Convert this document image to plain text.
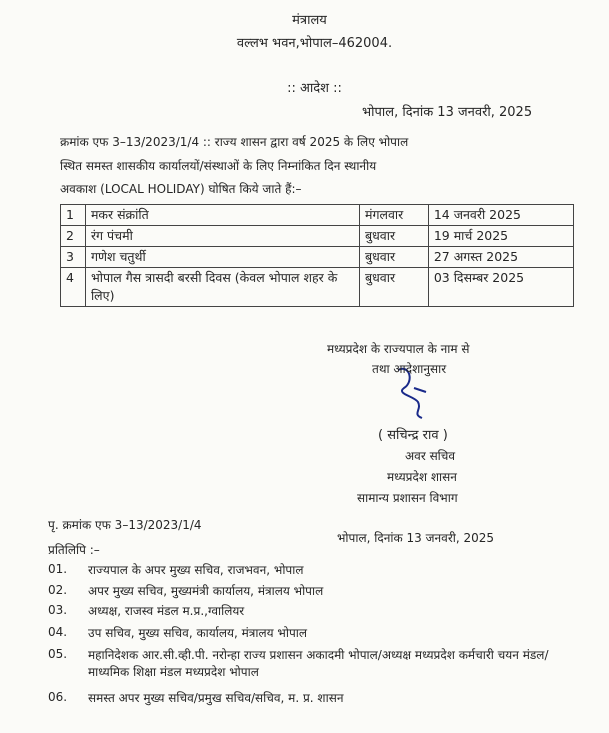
मंत्रालय
वल्लभ भवन,भोपाल–462004.
:: आदेश ::
भोपाल, दिनांक 13 जनवरी, 2025
क्रमांक एफ 3–13/2023/1/4 :: राज्य शासन द्वारा वर्ष 2025 के लिए भोपाल
स्थित समस्त शासकीय कार्यालयों/संस्थाओं के लिए निम्नांकित दिन स्थानीय
अवकाश (LOCAL HOLIDAY) घोषित किये जाते हैं:–
1	मकर संक्रांति	मंगलवार	14 जनवरी 2025
2	रंग पंचमी	बुधवार	19 मार्च 2025
3	गणेश चतुर्थी	बुधवार	27 अगस्त 2025
4	भोपाल गैस त्रासदी बरसी दिवस (केवल भोपाल शहर के लिए)	बुधवार	03 दिसम्बर 2025
मध्यप्रदेश के राज्यपाल के नाम से
तथा आदेशानुसार
( सचिन्द्र राव )
अवर सचिव
मध्यप्रदेश शासन
सामान्य प्रशासन विभाग
पृ. क्रमांक एफ 3–13/2023/1/4
भोपाल, दिनांक 13 जनवरी, 2025
प्रतिलिपि :–
01.	राज्यपाल के अपर मुख्य सचिव, राजभवन, भोपाल
02.	अपर मुख्य सचिव, मुख्यमंत्री कार्यालय, मंत्रालय भोपाल
03.	अध्यक्ष, राजस्व मंडल म.प्र.,ग्वालियर
04.	उप सचिव, मुख्य सचिव, कार्यालय, मंत्रालय भोपाल
05.	महानिदेशक आर.सी.व्ही.पी. नरोन्हा राज्य प्रशासन अकादमी भोपाल/अध्यक्ष मध्यप्रदेश कर्मचारी चयन मंडल/माध्यमिक शिक्षा मंडल मध्यप्रदेश भोपाल
06.	समस्त अपर मुख्य सचिव/प्रमुख सचिव/सचिव, म. प्र. शासन
